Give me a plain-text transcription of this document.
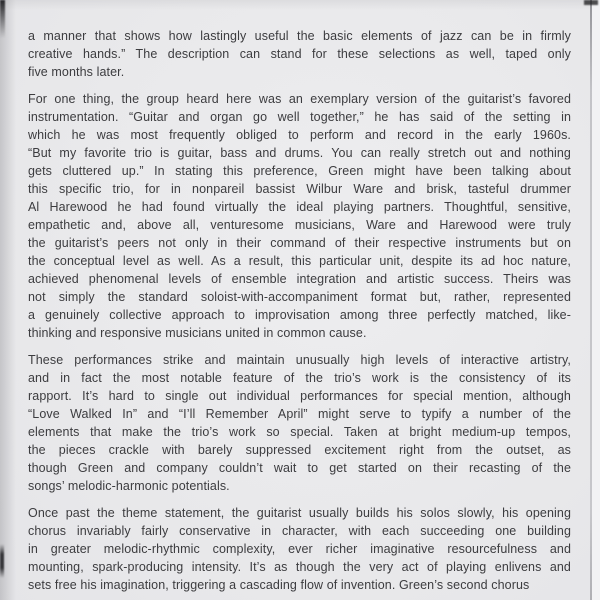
a manner that shows how lastingly useful the basic elements of jazz can be in firmly
creative hands.” The description can stand for these selections as well, taped only
five months later.
For one thing, the group heard here was an exemplary version of the guitarist’s favored
instrumentation. “Guitar and organ go well together,” he has said of the setting in
which he was most frequently obliged to perform and record in the early 1960s.
“But my favorite trio is guitar, bass and drums. You can really stretch out and nothing
gets cluttered up.” In stating this preference, Green might have been talking about
this specific trio, for in nonpareil bassist Wilbur Ware and brisk, tasteful drummer
Al Harewood he had found virtually the ideal playing partners. Thoughtful, sensitive,
empathetic and, above all, venturesome musicians, Ware and Harewood were truly
the guitarist’s peers not only in their command of their respective instruments but on
the conceptual level as well. As a result, this particular unit, despite its ad hoc nature,
achieved phenomenal levels of ensemble integration and artistic success. Theirs was
not simply the standard soloist-with-accompaniment format but, rather, represented
a genuinely collective approach to improvisation among three perfectly matched, like-
thinking and responsive musicians united in common cause.
These performances strike and maintain unusually high levels of interactive artistry,
and in fact the most notable feature of the trio’s work is the consistency of its
rapport. It’s hard to single out individual performances for special mention, although
“Love Walked In” and “I’ll Remember April” might serve to typify a number of the
elements that make the trio’s work so special. Taken at bright medium-up tempos,
the pieces crackle with barely suppressed excitement right from the outset, as
though Green and company couldn’t wait to get started on their recasting of the
songs’ melodic-harmonic potentials.
Once past the theme statement, the guitarist usually builds his solos slowly, his opening
chorus invariably fairly conservative in character, with each succeeding one building
in greater melodic-rhythmic complexity, ever richer imaginative resourcefulness and
mounting, spark-producing intensity. It’s as though the very act of playing enlivens and
sets free his imagination, triggering a cascading flow of invention. Green’s second chorus
